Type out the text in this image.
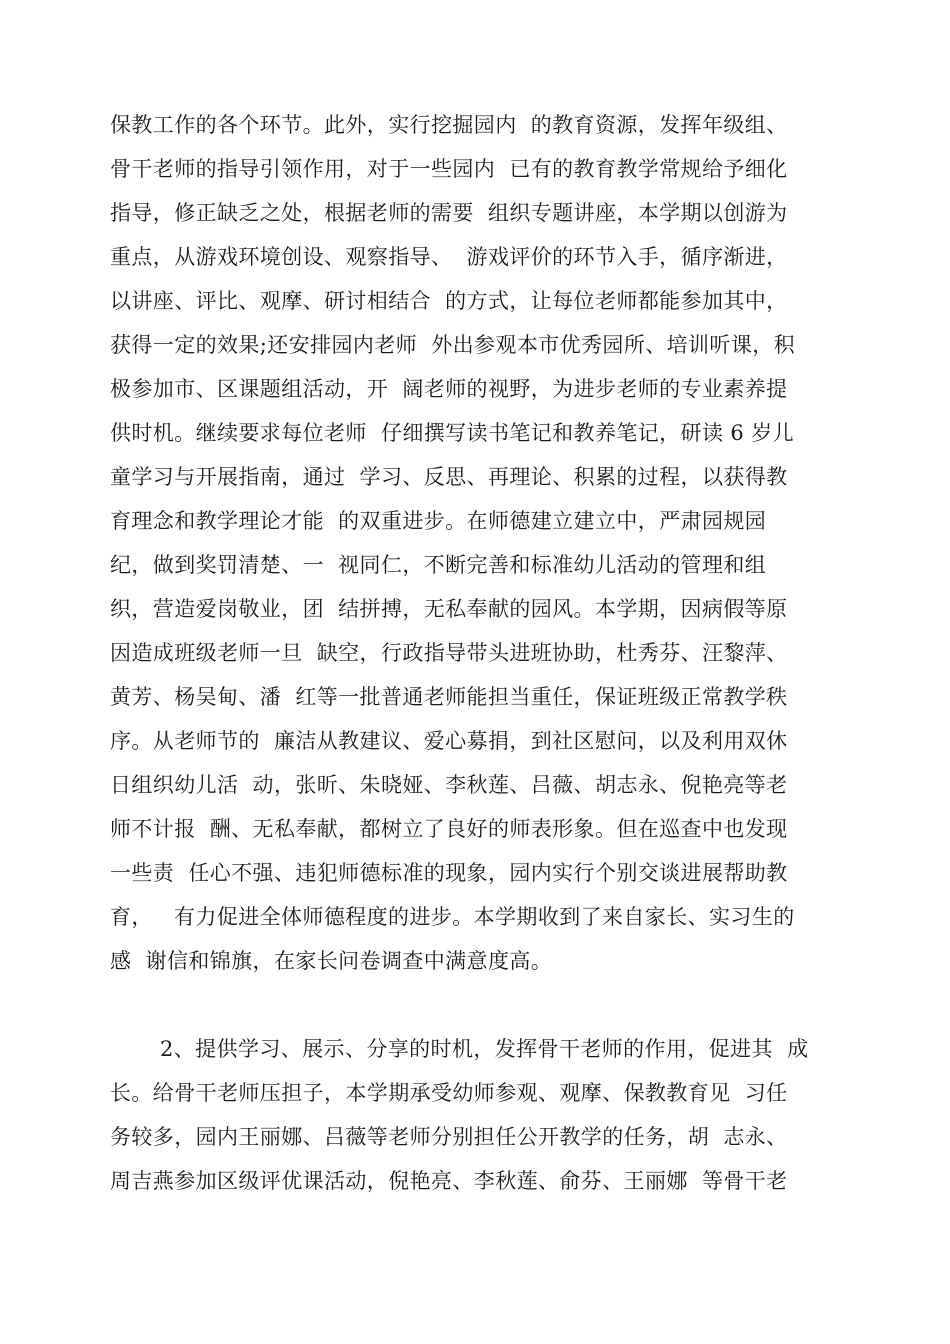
保教工作的各个环节。此外，实行挖掘园内  的教育资源，发挥年级组、

骨干老师的指导引领作用，对于一些园内  已有的教育教学常规给予细化

指导，修正缺乏之处，根据老师的需要  组织专题讲座，本学期以创游为

重点，从游戏环境创设、观察指导、  游戏评价的环节入手，循序渐进，

以讲座、评比、观摩、研讨相结合  的方式，让每位老师都能参加其中，

获得一定的效果;还安排园内老师  外出参观本市优秀园所、培训听课，积

极参加市、区课题组活动，开  阔老师的视野，为进步老师的专业素养提

供时机。继续要求每位老师  仔细撰写读书笔记和教养笔记，研读 6 岁儿

童学习与开展指南，通过  学习、反思、再理论、积累的过程，以获得教

育理念和教学理论才能  的双重进步。在师德建立建立中，严肃园规园

纪，做到奖罚清楚、一  视同仁，不断完善和标准幼儿活动的管理和组

织，营造爱岗敬业，团  结拼搏，无私奉献的园风。本学期，因病假等原

因造成班级老师一旦  缺空，行政指导带头进班协助，杜秀芬、汪黎萍、

黄芳、杨吴甸、潘  红等一批普通老师能担当重任，保证班级正常教学秩

序。从老师节的  廉洁从教建议、爱心募捐，到社区慰问，以及利用双休

日组织幼儿活  动，张昕、朱晓娅、李秋莲、吕薇、胡志永、倪艳亮等老

师不计报  酬、无私奉献，都树立了良好的师表形象。但在巡查中也发现

一些责  任心不强、违犯师德标准的现象，园内实行个别交谈进展帮助教

育，   有力促进全体师德程度的进步。本学期收到了来自家长、实习生的

感  谢信和锦旗，在家长问卷调查中满意度高。

2、提供学习、展示、分享的时机，发挥骨干老师的作用，促进其  成

长。给骨干老师压担子，本学期承受幼师参观、观摩、保教教育见  习任

务较多，园内王丽娜、吕薇等老师分别担任公开教学的任务，胡  志永、

周吉燕参加区级评优课活动，倪艳亮、李秋莲、俞芬、王丽娜  等骨干老
